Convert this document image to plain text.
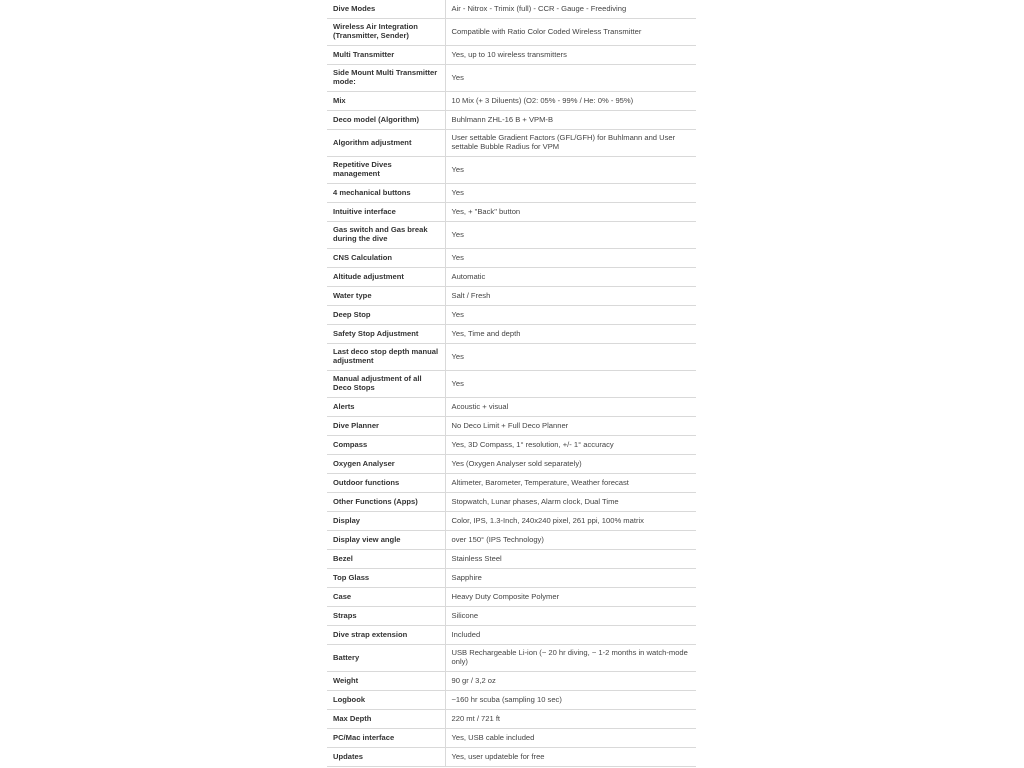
Dive Modes	Air - Nitrox - Trimix (full) - CCR - Gauge - Freediving
Wireless Air Integration (Transmitter, Sender)	Compatible with Ratio Color Coded Wireless Transmitter
Multi Transmitter	Yes, up to 10 wireless transmitters
Side Mount Multi Transmitter mode:	Yes
Mix	10 Mix (+ 3 Diluents) (O2: 05% - 99% / He: 0% - 95%)
Deco model (Algorithm)	Buhlmann ZHL-16 B + VPM-B
Algorithm adjustment	User settable Gradient Factors (GFL/GFH) for Buhlmann and User settable Bubble Radius for VPM
Repetitive Dives management	Yes
4 mechanical buttons	Yes
Intuitive interface	Yes, + "Back" button
Gas switch and Gas break during the dive	Yes
CNS Calculation	Yes
Altitude adjustment	Automatic
Water type	Salt / Fresh
Deep Stop	Yes
Safety Stop Adjustment	Yes, Time and depth
Last deco stop depth manual adjustment	Yes
Manual adjustment of all Deco Stops	Yes
Alerts	Acoustic + visual
Dive Planner	No Deco Limit + Full Deco Planner
Compass	Yes, 3D Compass, 1° resolution, +/- 1° accuracy
Oxygen Analyser	Yes (Oxygen Analyser sold separately)
Outdoor functions	Altimeter, Barometer, Temperature, Weather forecast
Other Functions (Apps)	Stopwatch, Lunar phases, Alarm clock, Dual Time
Display	Color, IPS, 1.3-Inch, 240x240 pixel, 261 ppi, 100% matrix
Display view angle	over 150° (IPS Technology)
Bezel	Stainless Steel
Top Glass	Sapphire
Case	Heavy Duty Composite Polymer
Straps	Silicone
Dive strap extension	Included
Battery	USB Rechargeable Li-ion (~ 20 hr diving, ~ 1-2 months in watch-mode only)
Weight	90 gr / 3,2 oz
Logbook	~160 hr scuba (sampling 10 sec)
Max Depth	220 mt / 721 ft
PC/Mac interface	Yes, USB cable included
Updates	Yes, user updateble for free
